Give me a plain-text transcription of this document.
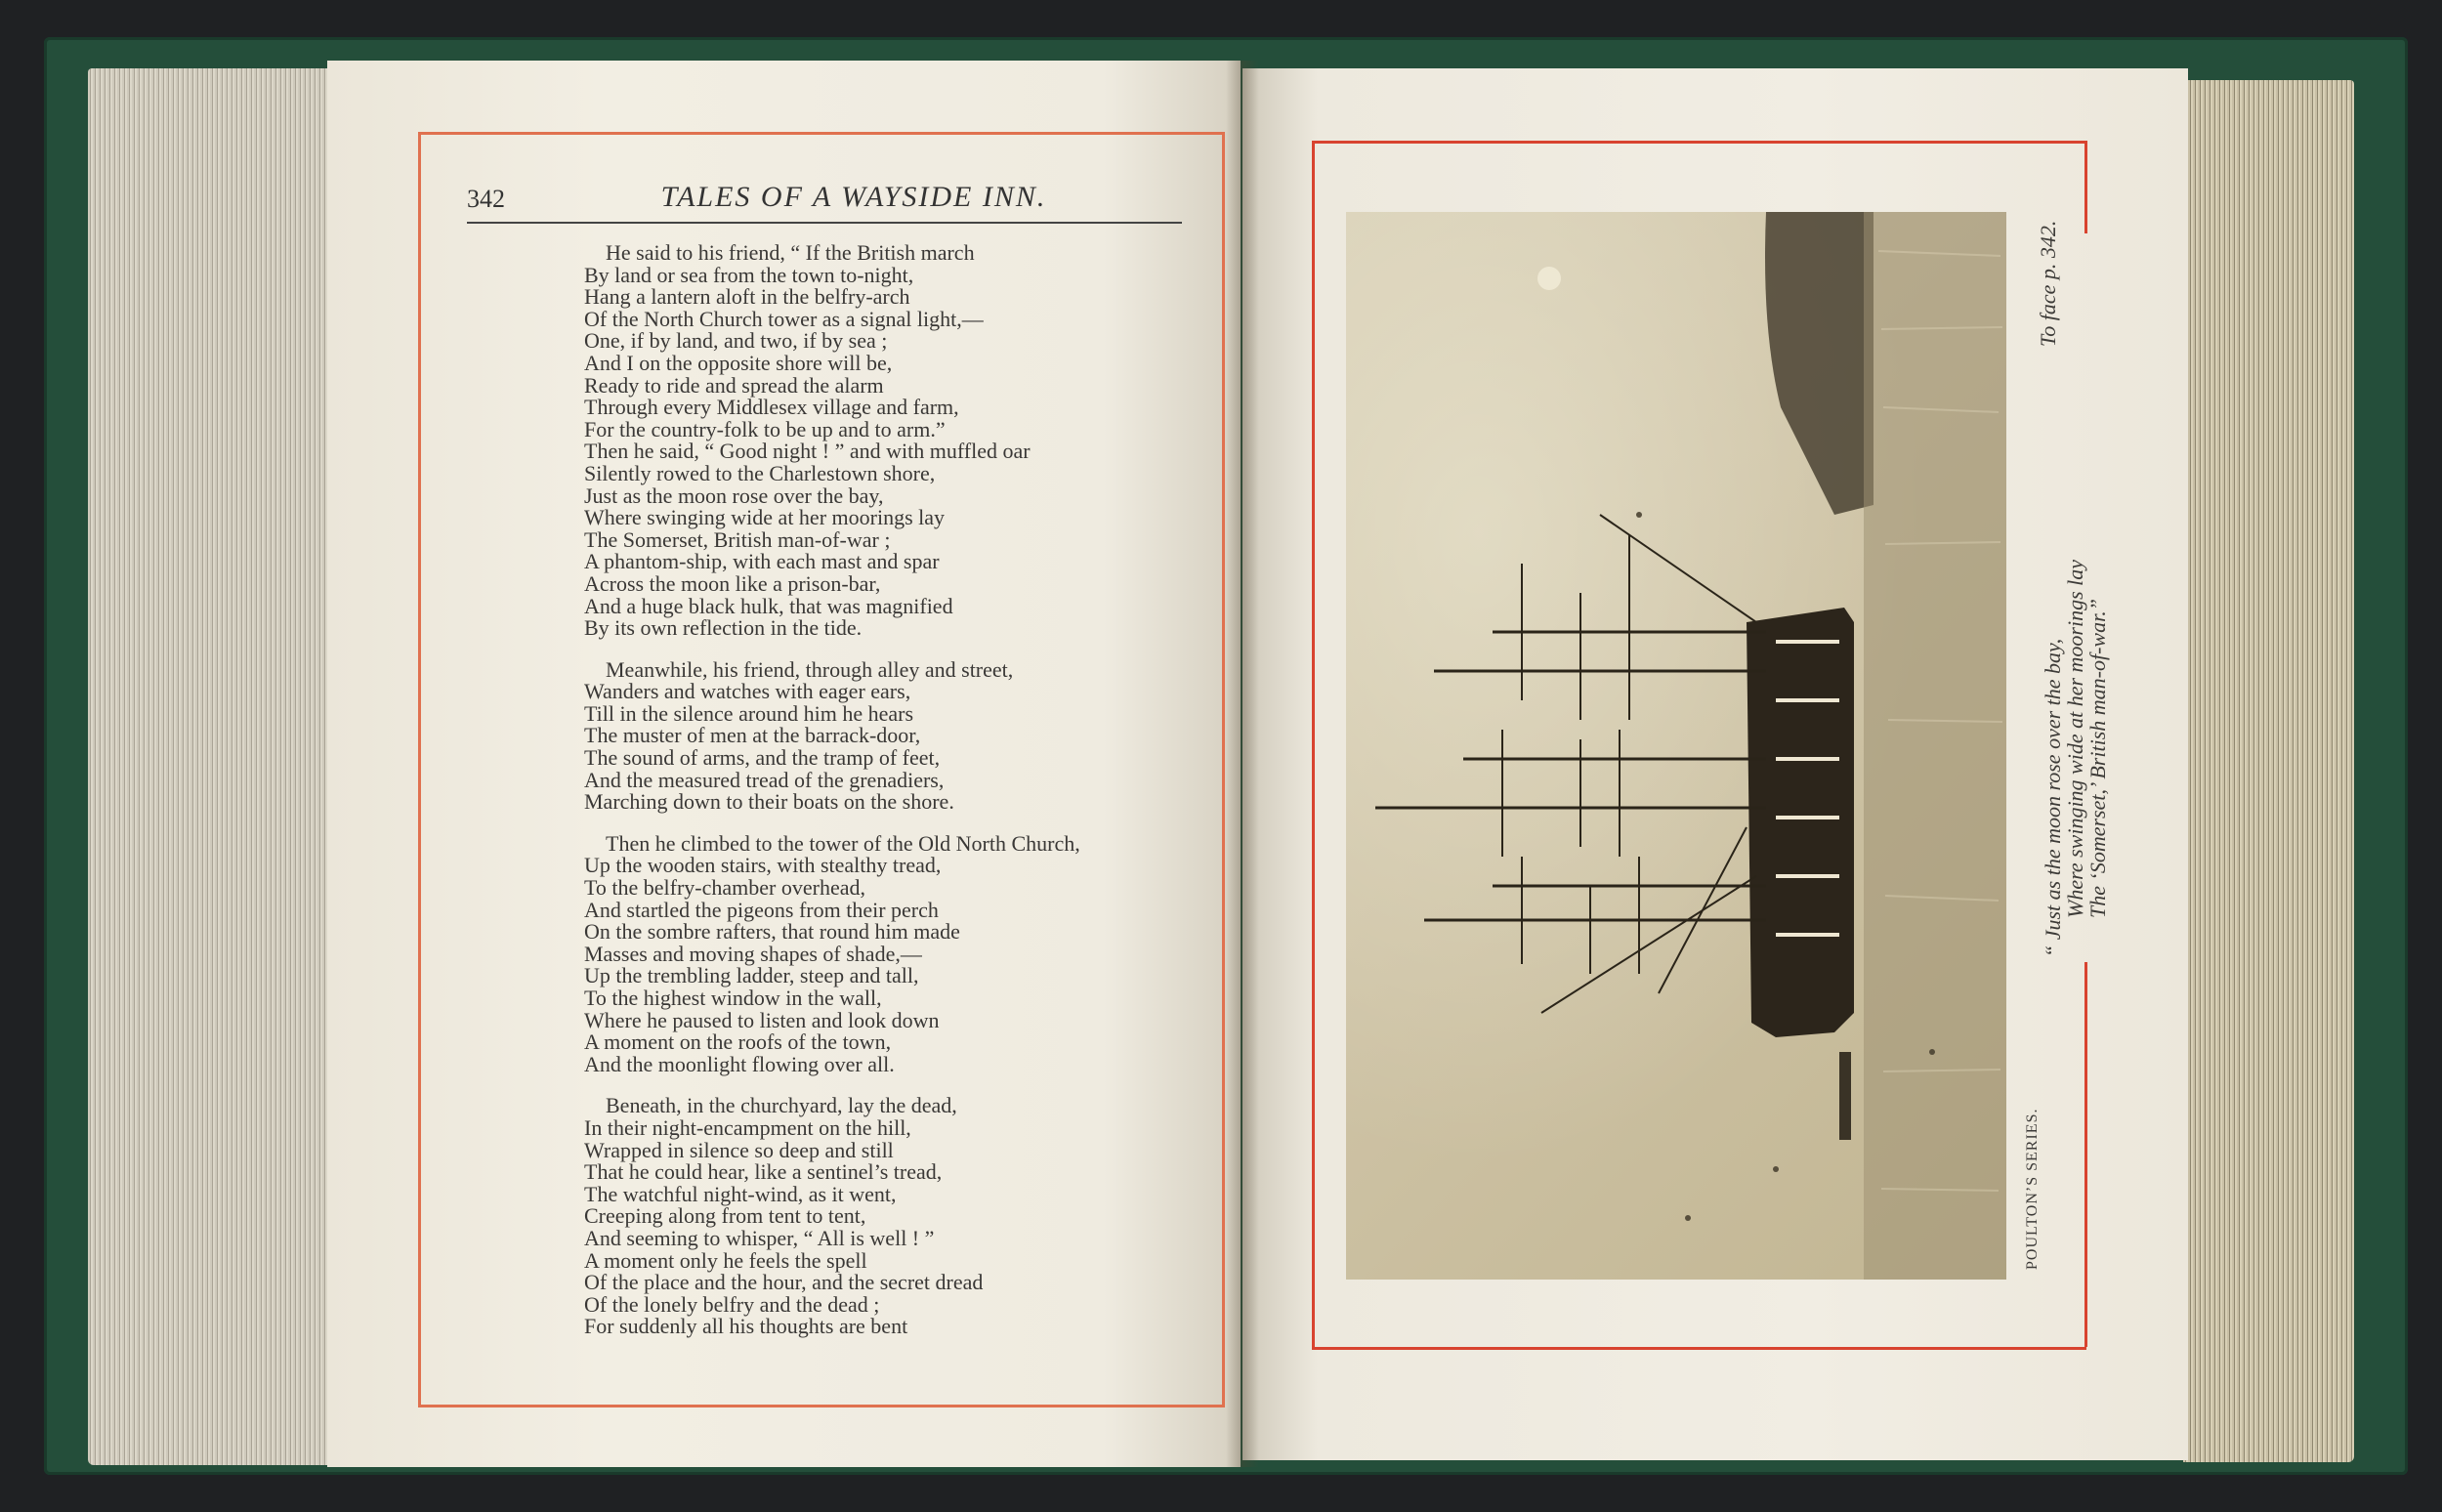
342	TALES OF A WAYSIDE INN.
He said to his friend, “ If the British march
By land or sea from the town to-night,
Hang a lantern aloft in the belfry-arch
Of the North Church tower as a signal light,—
One, if by land, and two, if by sea ;
And I on the opposite shore will be,
Ready to ride and spread the alarm
Through every Middlesex village and farm,
For the country-folk to be up and to arm.”
Then he said, “ Good night ! ” and with muffled oar
Silently rowed to the Charlestown shore,
Just as the moon rose over the bay,
Where swinging wide at her moorings lay
The Somerset, British man-of-war ;
A phantom-ship, with each mast and spar
Across the moon like a prison-bar,
And a huge black hulk, that was magnified
By its own reflection in the tide.
Meanwhile, his friend, through alley and street,
Wanders and watches with eager ears,
Till in the silence around him he hears
The muster of men at the barrack-door,
The sound of arms, and the tramp of feet,
And the measured tread of the grenadiers,
Marching down to their boats on the shore.
Then he climbed to the tower of the Old North Church,
Up the wooden stairs, with stealthy tread,
To the belfry-chamber overhead,
And startled the pigeons from their perch
On the sombre rafters, that round him made
Masses and moving shapes of shade,—
Up the trembling ladder, steep and tall,
To the highest window in the wall,
Where he paused to listen and look down
A moment on the roofs of the town,
And the moonlight flowing over all.
Beneath, in the churchyard, lay the dead,
In their night-encampment on the hill,
Wrapped in silence so deep and still
That he could hear, like a sentinel’s tread,
The watchful night-wind, as it went,
Creeping along from tent to tent,
And seeming to whisper, “ All is well ! ”
A moment only he feels the spell
Of the place and the hour, and the secret dread
Of the lonely belfry and the dead ;
For suddenly all his thoughts are bent
To face p. 342.
“ Just as the moon rose over the bay,
Where swinging wide at her moorings lay
The ‘Somerset,’ British man-of-war.”
POULTON’S SERIES.
